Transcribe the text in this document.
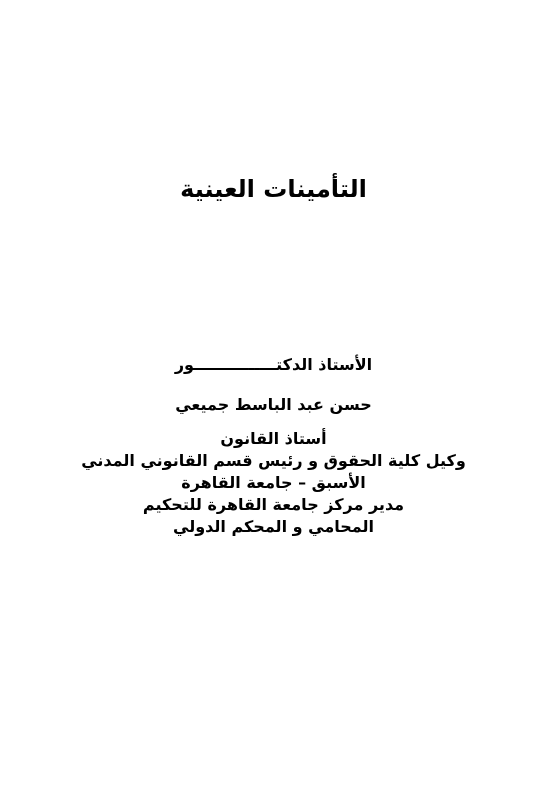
التأمينات العينية
الأستاذ الدكتـــــــــــــــور
حسن عبد الباسط جميعي
أستاذ القانون
وكيل كلية الحقوق و رئيس قسم القانوني المدني
الأسبق – جامعة القاهرة
مدير مركز جامعة القاهرة للتحكيم
المحامي و المحكم الدولي
